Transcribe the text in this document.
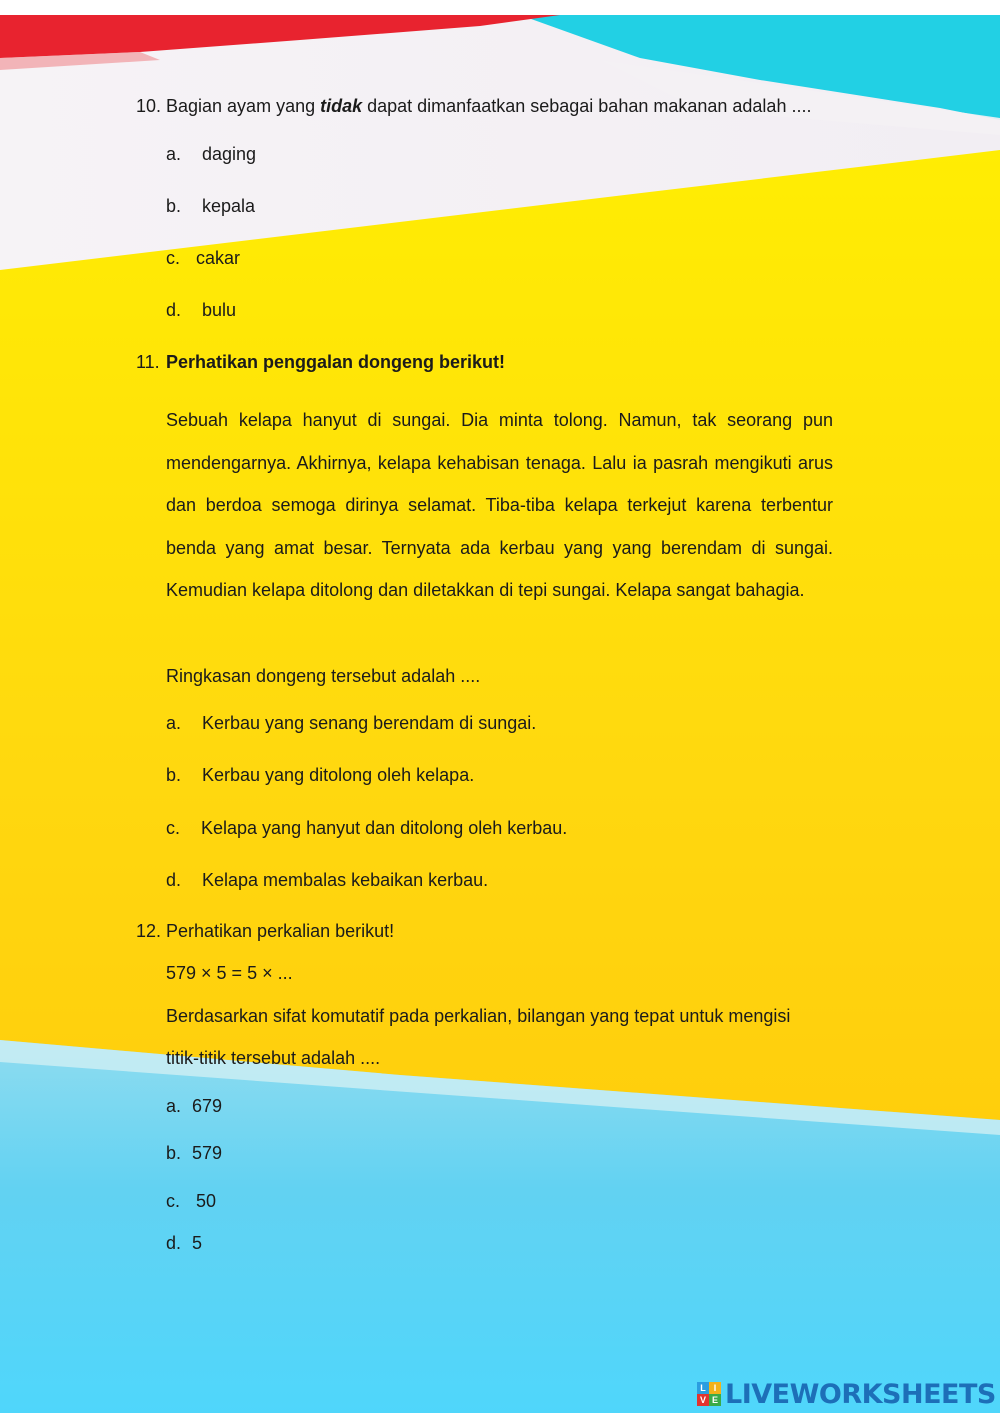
10. Bagian ayam yang tidak dapat dimanfaatkan sebagai bahan makanan adalah ....
a. daging
b. kepala
c. cakar
d. bulu
11. Perhatikan penggalan dongeng berikut!
Sebuah kelapa hanyut di sungai. Dia minta tolong. Namun, tak seorang pun mendengarnya. Akhirnya, kelapa kehabisan tenaga. Lalu ia pasrah mengikuti arus dan berdoa semoga dirinya selamat. Tiba-tiba kelapa terkejut karena terbentur benda yang amat besar. Ternyata ada kerbau yang yang berendam di sungai. Kemudian kelapa ditolong dan diletakkan di tepi sungai. Kelapa sangat bahagia.
Ringkasan dongeng tersebut adalah ....
a. Kerbau yang senang berendam di sungai.
b. Kerbau yang ditolong oleh kelapa.
c. Kelapa yang hanyut dan ditolong oleh kerbau.
d. Kelapa membalas kebaikan kerbau.
12. Perhatikan perkalian berikut!
579 × 5 = 5 × ...
Berdasarkan sifat komutatif pada perkalian, bilangan yang tepat untuk mengisi
titik-titik tersebut adalah ....
a. 679
b. 579
c. 50
d. 5
L I
V E LIVEWORKSHEETS
